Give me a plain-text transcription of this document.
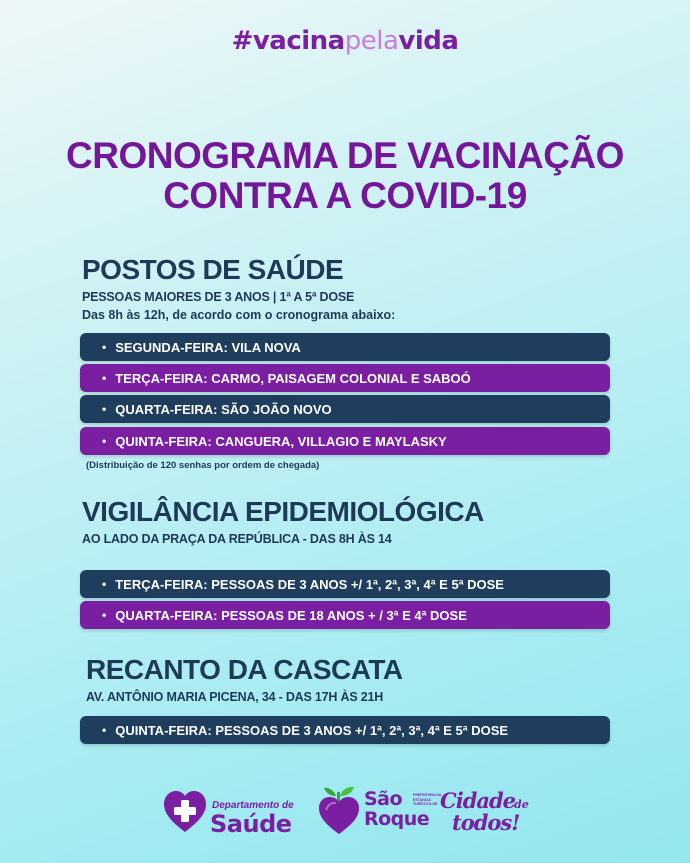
#vacinapelavida
CRONOGRAMA DE VACINAÇÃO
CONTRA A COVID-19
POSTOS DE SAÚDE
PESSOAS MAIORES DE 3 ANOS | 1ª A 5ª DOSE
Das 8h às 12h, de acordo com o cronograma abaixo:
• SEGUNDA-FEIRA: VILA NOVA
• TERÇA-FEIRA: CARMO, PAISAGEM COLONIAL E SABOÓ
• QUARTA-FEIRA: SÃO JOÃO NOVO
• QUINTA-FEIRA: CANGUERA, VILLAGIO E MAYLASKY
(Distribuição de 120 senhas por ordem de chegada)
VIGILÂNCIA EPIDEMIOLÓGICA
AO LADO DA PRAÇA DA REPÚBLICA - DAS 8H ÀS 14
• TERÇA-FEIRA: PESSOAS DE 3 ANOS +/ 1ª, 2ª, 3ª, 4ª E 5ª DOSE
• QUARTA-FEIRA: PESSOAS DE 18 ANOS + / 3ª E 4ª DOSE
RECANTO DA CASCATA
AV. ANTÔNIO MARIA PICENA, 34 - DAS 17H ÀS 21H
• QUINTA-FEIRA: PESSOAS DE 3 ANOS +/ 1ª, 2ª, 3ª, 4ª E 5ª DOSE
Departamento de
Saúde
São
Roque
PREFEITURA DA ESTÂNCIA TURÍSTICA DE Cidade
de
todos!
